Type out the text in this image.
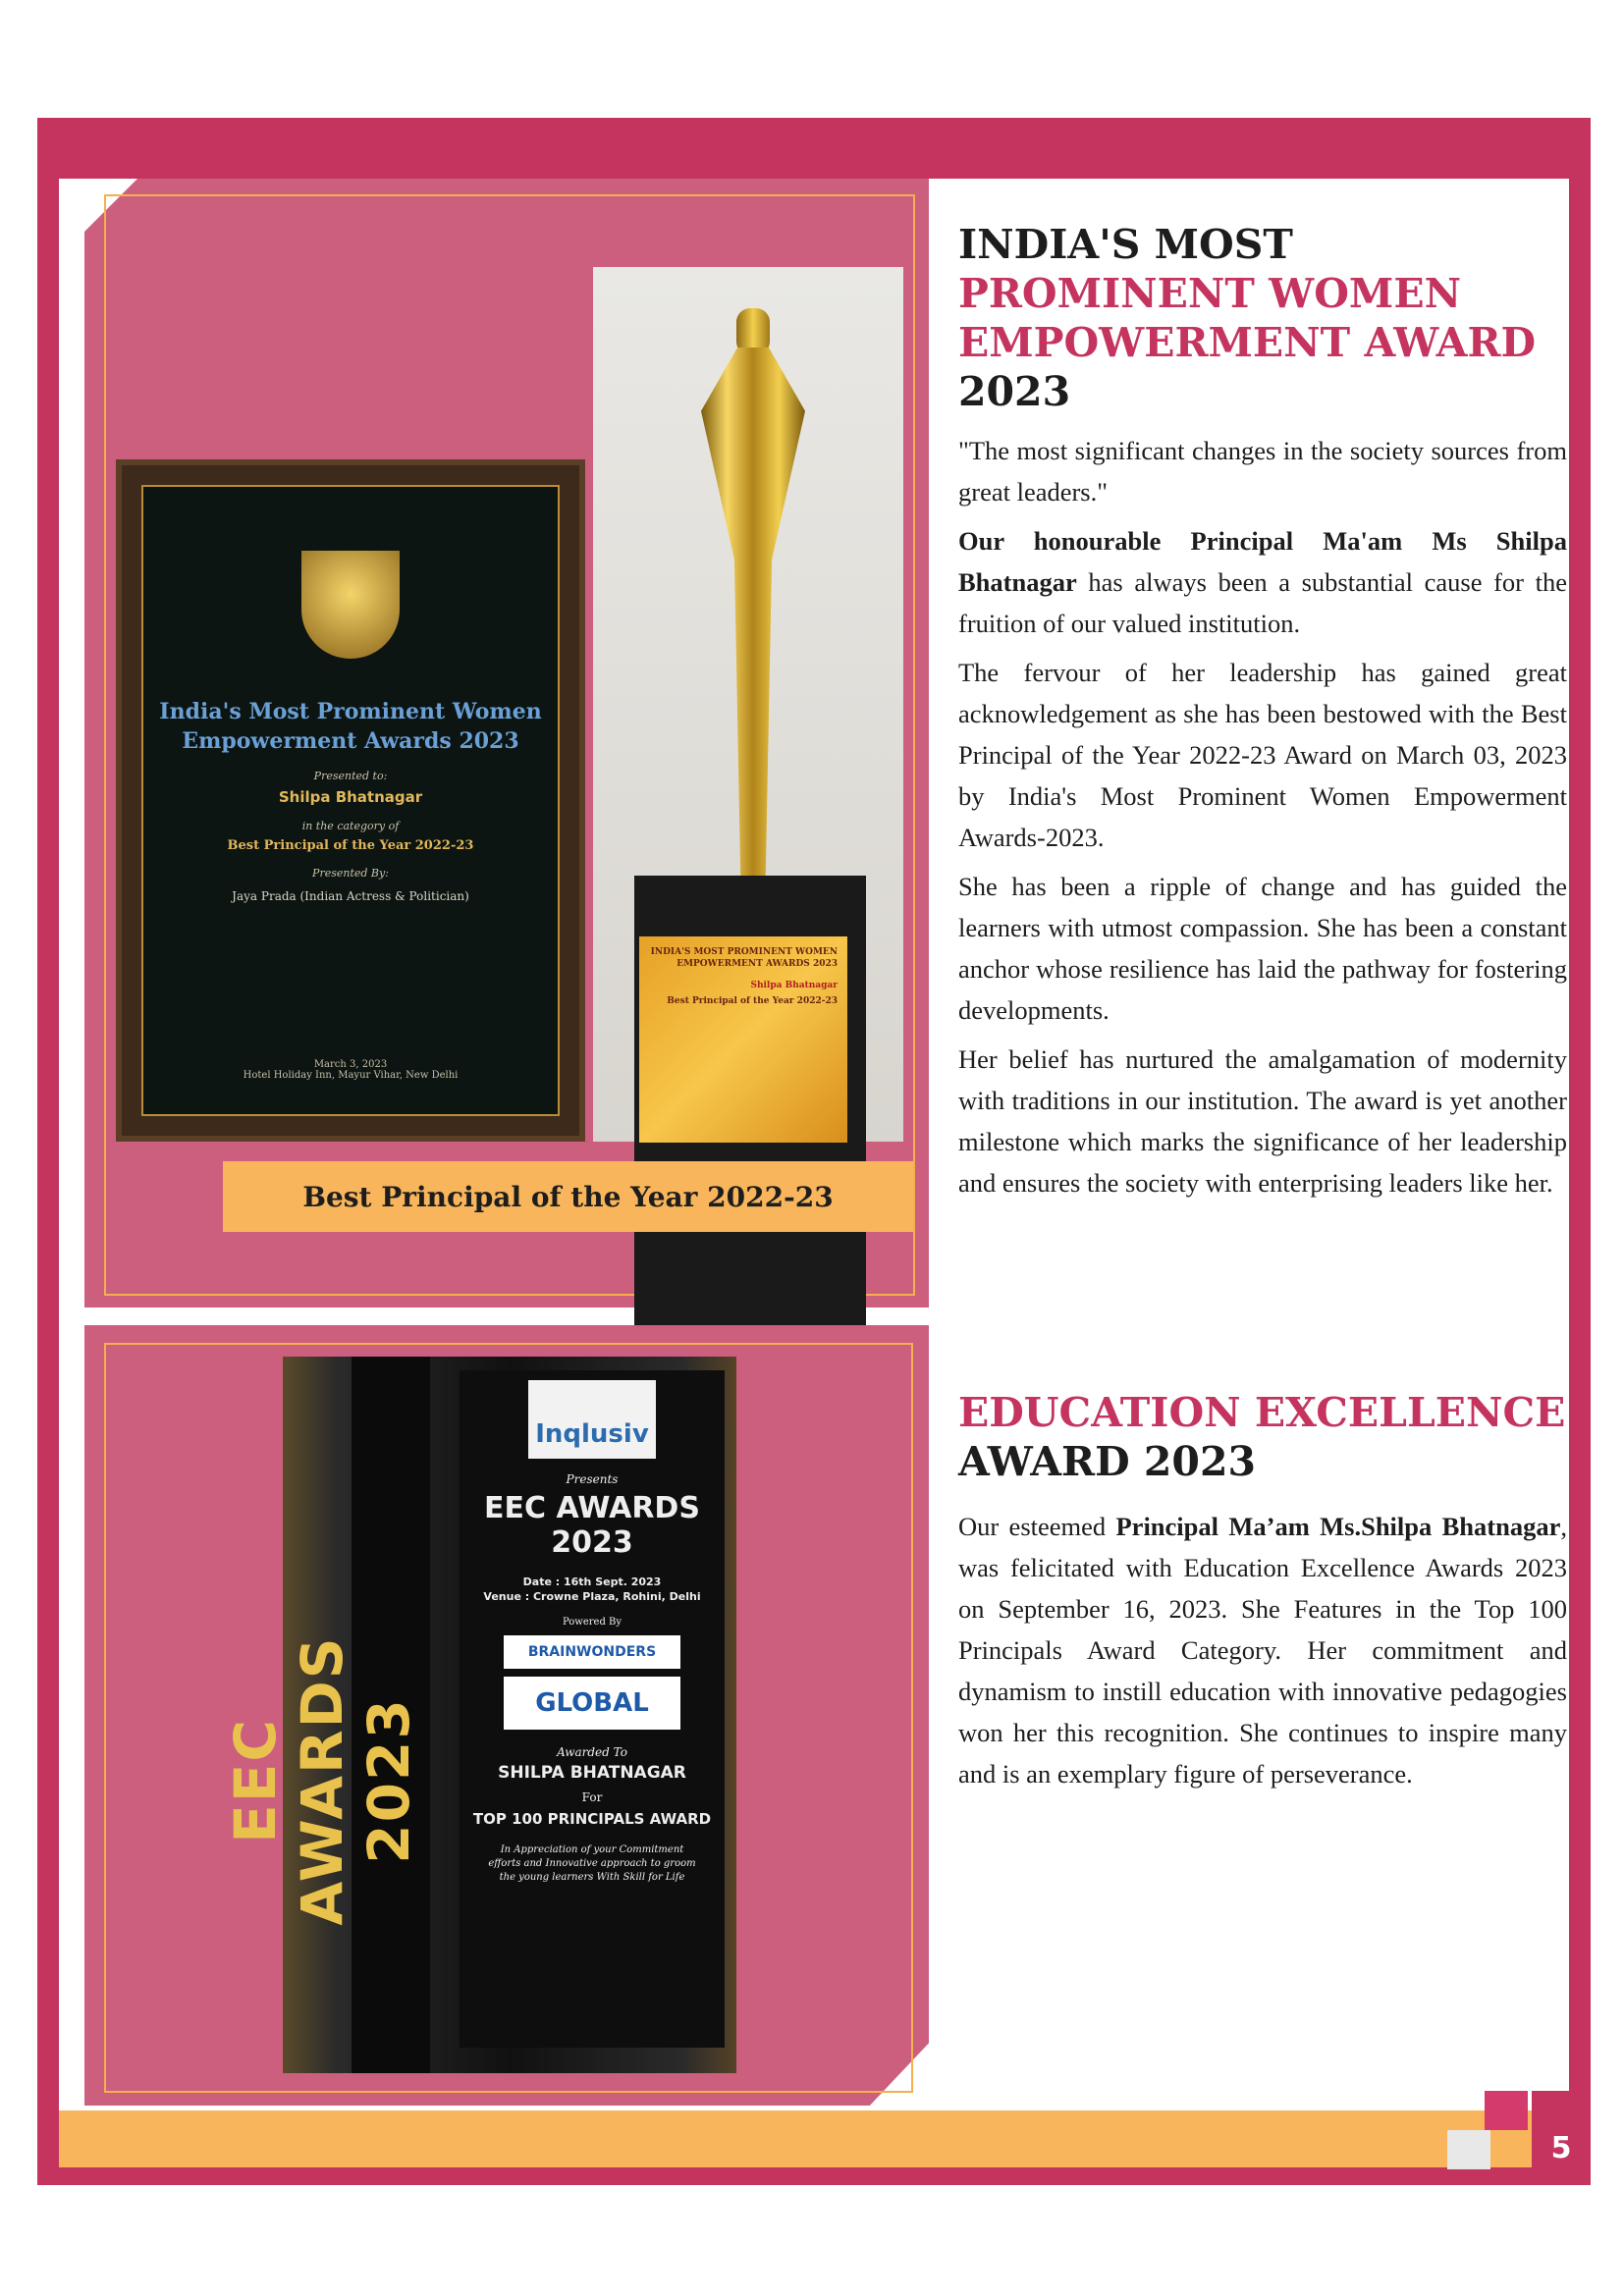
India's Most Prominent Women Empowerment Awards 2023
Presented to:
Shilpa Bhatnagar
in the category of
Best Principal of the Year 2022-23
Presented By:
Jaya Prada (Indian Actress & Politician)
March 3, 2023
Hotel Holiday Inn, Mayur Vihar, New Delhi
INDIA'S MOST PROMINENT WOMEN EMPOWERMENT AWARDS 2023
Shilpa Bhatnagar
Best Principal of the Year 2022-23
Best Principal of the Year 2022-23
EEC AWARDS 2023
Inqlusiv
Presents
EEC AWARDS 2023
Date : 16th Sept. 2023
Venue : Crowne Plaza, Rohini, Delhi
Powered By
BRAINWONDERS
GLOBAL
Awarded To
SHILPA BHATNAGAR
For
TOP 100 PRINCIPALS AWARD
In Appreciation of your Commitment efforts and Innovative approach to groom the young learners With Skill for Life
INDIA'S MOST
PROMINENT WOMEN
EMPOWERMENT AWARD
2023

"The most significant changes in the society sources from great leaders."

Our honourable Principal Ma'am Ms Shilpa Bhatnagar has always been a substantial cause for the fruition of our valued institution.

The fervour of her leadership has gained great acknowledgement as she has been bestowed with the Best Principal of the Year 2022-23 Award on March 03, 2023 by India's Most Prominent Women Empowerment Awards-2023.

She has been a ripple of change and has guided the learners with utmost compassion. She has been a constant anchor whose resilience has laid the pathway for fostering developments.

Her belief has nurtured the amalgamation of modernity with traditions in our institution. The award is yet another milestone which marks the significance of her leadership and ensures the society with enterprising leaders like her.

EDUCATION EXCELLENCE
AWARD 2023

Our esteemed Principal Ma’am Ms.Shilpa Bhatnagar, was felicitated with Education Excellence Awards 2023 on September 16, 2023. She Features in the Top 100 Principals Award Category. Her commitment and dynamism to instill education with innovative pedagogies won her this recognition. She continues to inspire many and is an exemplary figure of perseverance.

5
